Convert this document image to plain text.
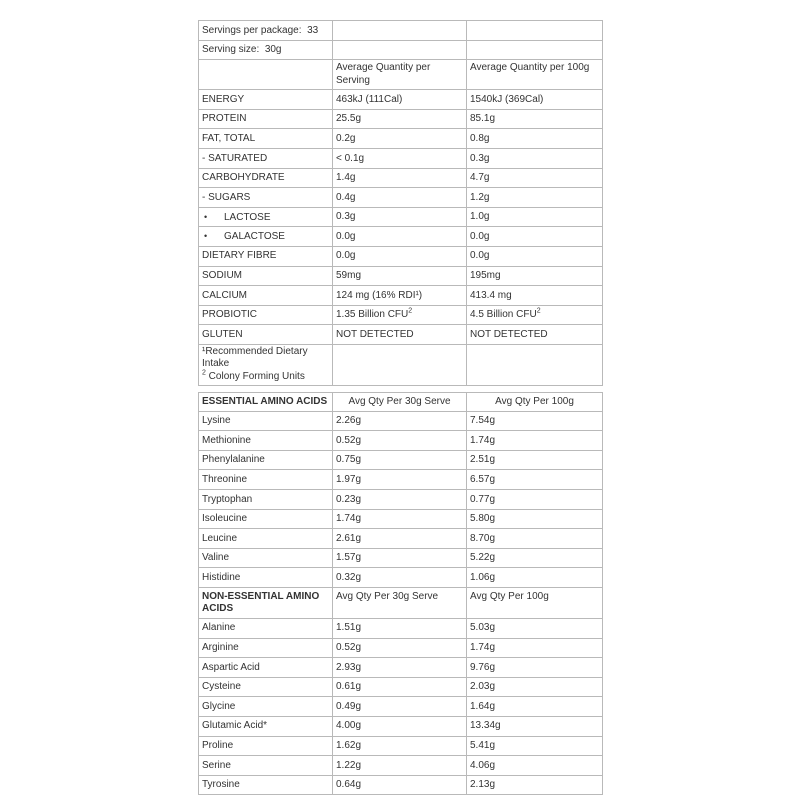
Servings per package: 33		
Serving size: 30g		
	Average Quantity per Serving	Average Quantity per 100g
ENERGY	463kJ (111Cal)	1540kJ (369Cal)
PROTEIN	25.5g	85.1g
FAT, TOTAL	0.2g	0.8g
- SATURATED	< 0.1g	0.3g
CARBOHYDRATE	1.4g	4.7g
- SUGARS	0.4g	1.2g
• LACTOSE	0.3g	1.0g
• GALACTOSE	0.0g	0.0g
DIETARY FIBRE	0.0g	0.0g
SODIUM	59mg	195mg
CALCIUM	124 mg (16% RDI¹)	413.4 mg
PROBIOTIC	1.35 Billion CFU$^2$	4.5 Billion CFU$^2$
GLUTEN	NOT DETECTED	NOT DETECTED

¹Recommended Dietary Intake
$^2$ Colony Forming Units		

ESSENTIAL AMINO ACIDS	Avg Qty Per 30g Serve	Avg Qty Per 100g
Lysine	2.26g	7.54g
Methionine	0.52g	1.74g
Phenylalanine	0.75g	2.51g
Threonine	1.97g	6.57g
Tryptophan	0.23g	0.77g
Isoleucine	1.74g	5.80g
Leucine	2.61g	8.70g
Valine	1.57g	5.22g
Histidine	0.32g	1.06g
NON-ESSENTIAL AMINO ACIDS	Avg Qty Per 30g Serve	Avg Qty Per 100g
Alanine	1.51g	5.03g
Arginine	0.52g	1.74g
Aspartic Acid	2.93g	9.76g
Cysteine	0.61g	2.03g
Glycine	0.49g	1.64g
Glutamic Acid*	4.00g	13.34g
Proline	1.62g	5.41g
Serine	1.22g	4.06g
Tyrosine	0.64g	2.13g
